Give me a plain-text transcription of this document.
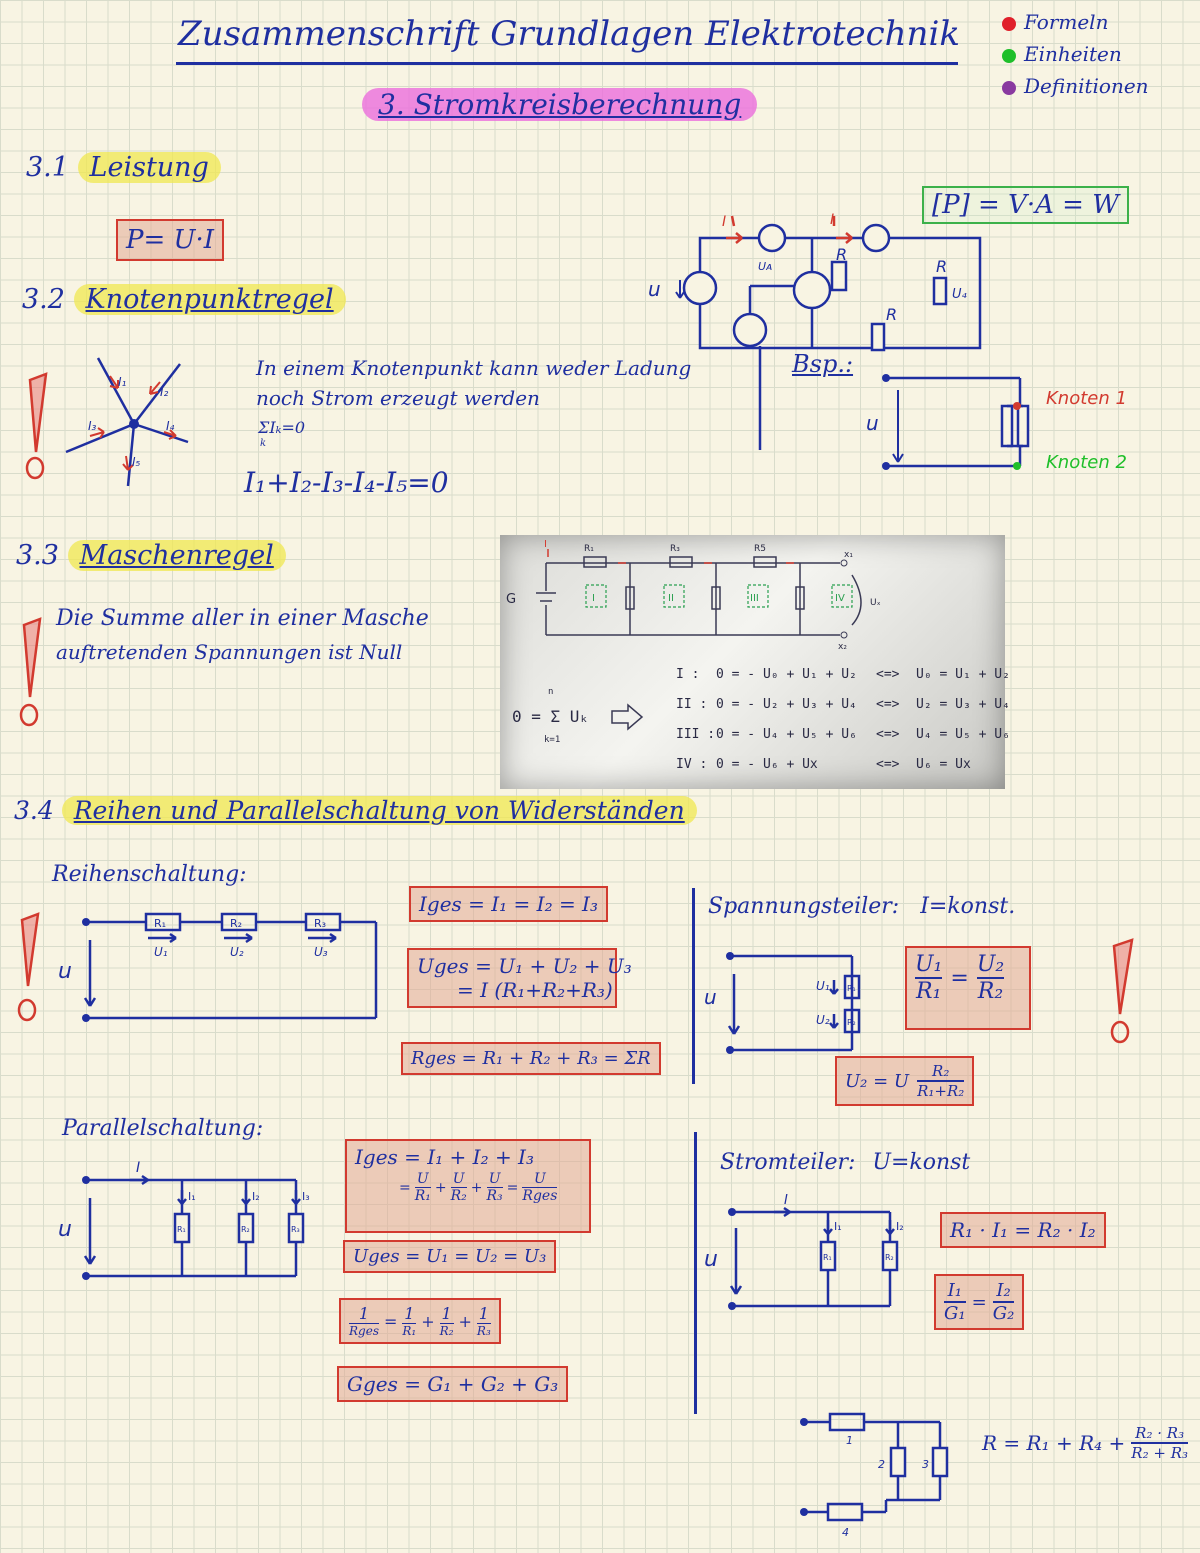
Zusammenschrift Grundlagen Elektrotechnik
3. Stromkreisberechnung
Formeln
Einheiten
Definitionen
3.1 Leistung
P= U·I
[P] = V·A = W
3.2 Knotenpunktregel
I₁
I₂
I₃	I₄
I₅
In einem Knotenpunkt kann weder Ladung
noch Strom erzeugt werden
ΣIₖ=0
k
I₁+I₂-I₃-I₄-I₅=0
u
I	I
R
R
R
U₄
Uᴀ
u
Bsp.:
Knoten 1
Knoten 2
3.3 Maschenregel
Die Summe aller in einer Masche
auftretenden Spannungen ist Null
G
R₁	R₃	R5
x₁
x₂
Uₓ
I
I	II	III	IV
0 = Σ Uₖ
n
k=1
I : 0 = - U₀ + U₁ + U₂ <=> U₀ = U₁ + U₂
II : 0 = - U₂ + U₃ + U₄ <=> U₂ = U₃ + U₄
III : 0 = - U₄ + U₅ + U₆ <=> U₄ = U₅ + U₆
IV : 0 = - U₆ + Ux	<=> U₆ = Ux
3.4 Reihen und Parallelschaltung von Widerständen
Reihenschaltung:
u
R₁	R₂	R₃
U₁	U₂	U₃
Iges = I₁ = I₂ = I₃
Uges = U₁ + U₂ + U₃
= I (R₁+R₂+R₃)
Rges = R₁ + R₂ + R₃ = ΣR
Spannungsteiler: I=konst.
u	U₁
U₂
R₁
R₂
$\frac{\text{U₁}}{\text{R₁}} = \frac{\text{U₂}}{\text{R₂}}$
U₂ = U $\frac{\text{R₂}}{\text{R₁+R₂}}$
Parallelschaltung:
u
I
I₁	I₂	I₃
R₁	R₂	R₃
Iges = I₁ + I₂ + I₃
= $\frac{U}{\text{R₁}} + \frac{U}{\text{R₂}} + \frac{U}{\text{R₃}}$ =
U
Rges
Uges = U₁ = U₂ = U₃
1
Rges
= 1
R₁
+ 1
R₂
+ 1
R₃
Gges = G₁ + G₂ + G₃
Stromteiler: U=konst
u
I
I₁	I₂
R₁	R₂
R₁ · I₁ = R₂ · I₂
$\frac{\text{I₁}}{\text{G₁}} = \frac{\text{I₂}}{\text{G₂}}$
1
2	3
4
$R = R_1 + R_4 + \frac{\text{R₂ · R₃}}{\text{R₂ + R₃}}$
